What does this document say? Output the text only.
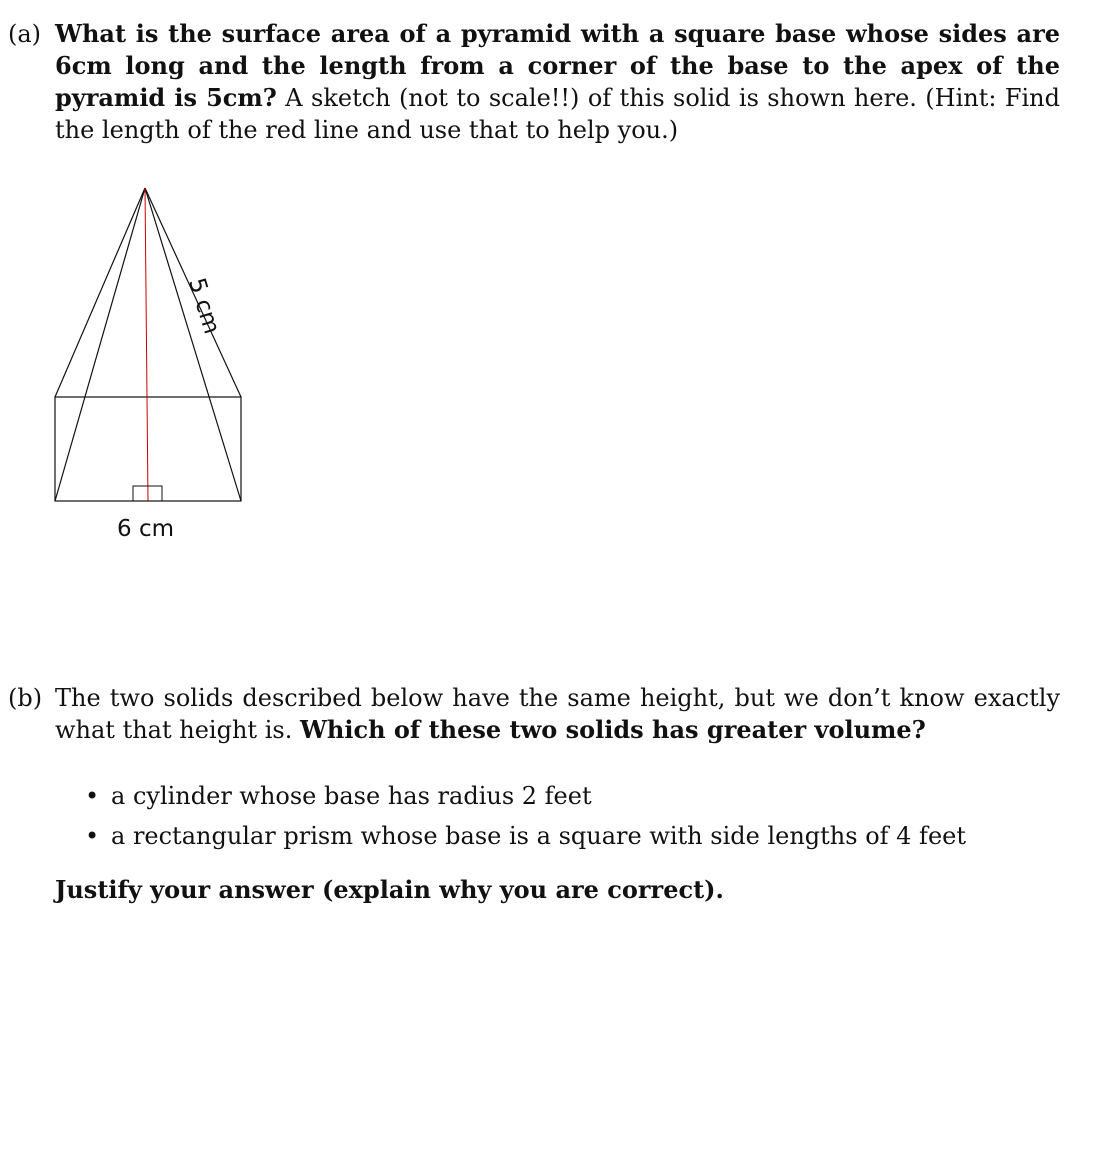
(a) What is the surface area of a pyramid with a square base whose sides are 6cm long and the length from a corner of the base to the apex of the pyramid is 5cm? A sketch (not to scale!!) of this solid is shown here. (Hint: Find the length of the red line and use that to help you.)
5 cm
6 cm
(b) The two solids described below have the same height, but we don’t know exactly what that height is. Which of these two solids has greater volume?
• a cylinder whose base has radius 2 feet
• a rectangular prism whose base is a square with side lengths of 4 feet
Justify your answer (explain why you are correct).
